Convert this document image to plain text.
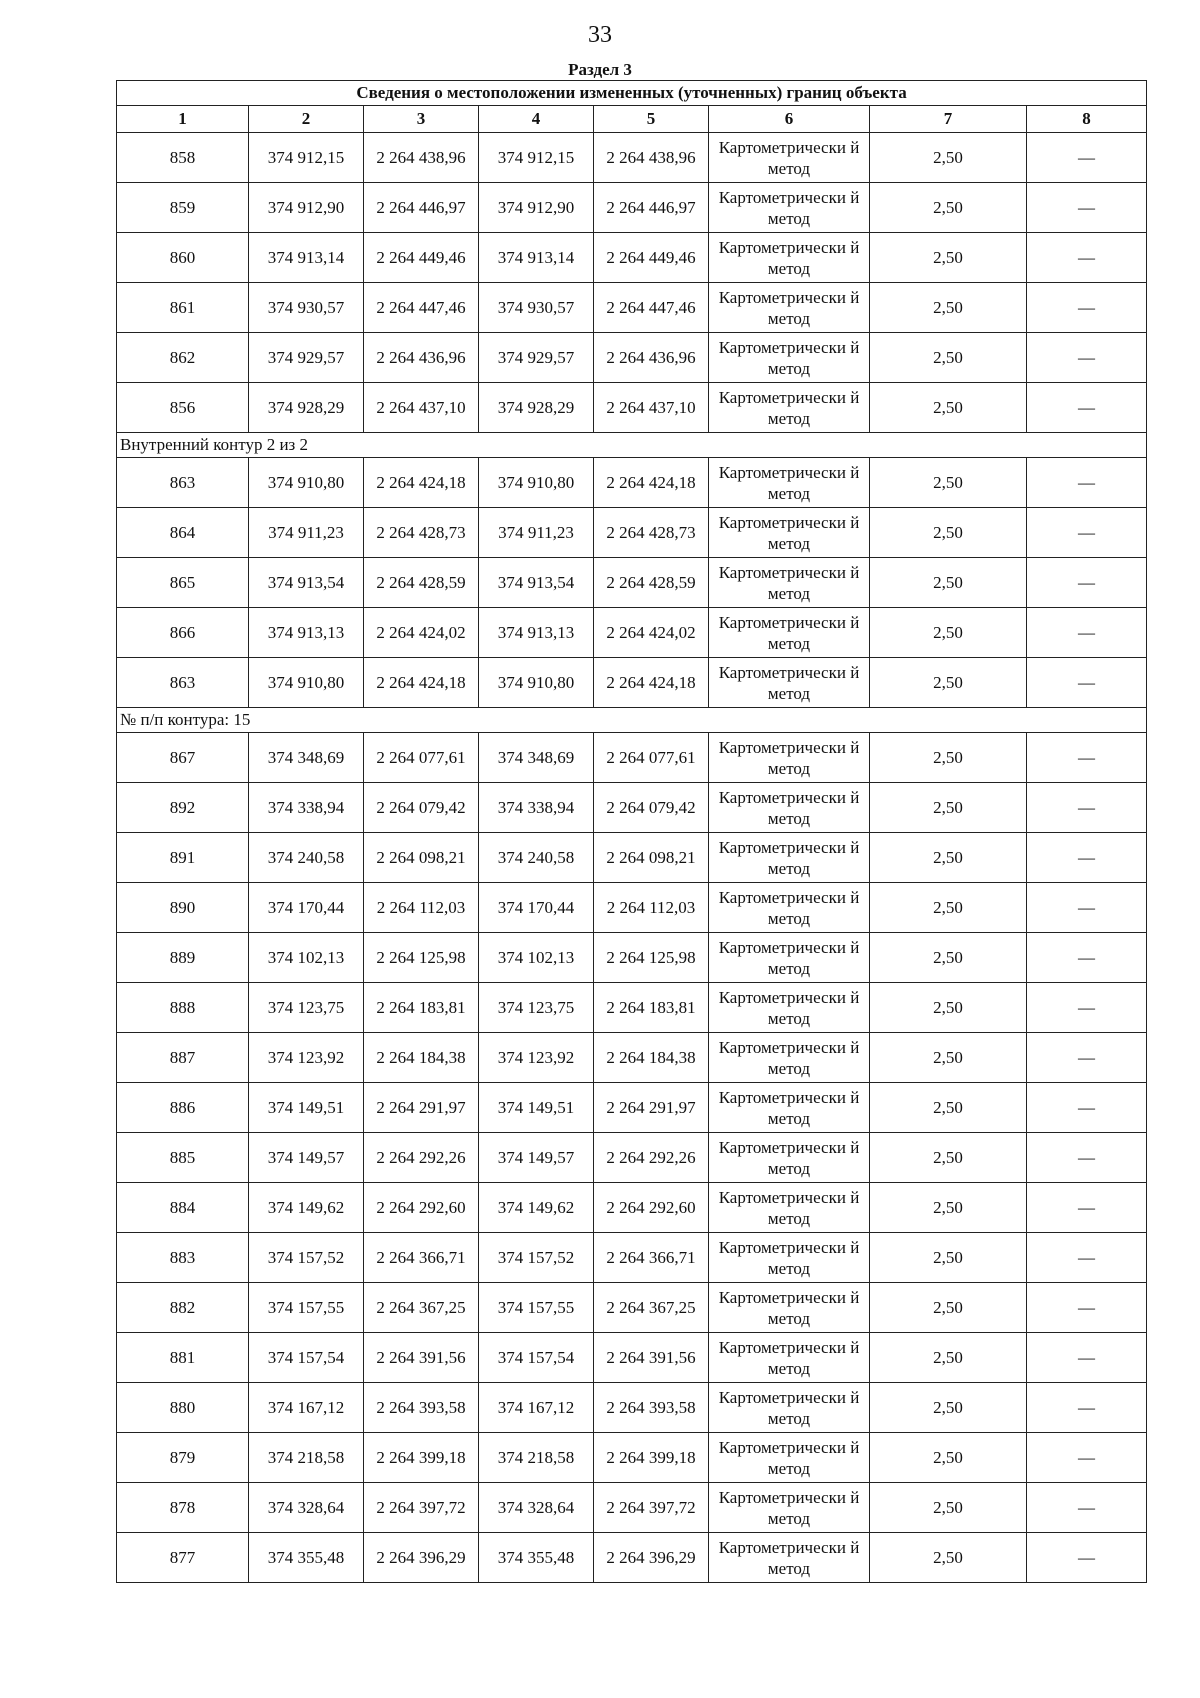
33
Раздел 3
Сведения о местоположении измененных (уточненных) границ объекта							
1	2	3	4	5	6	7	8
858	374 912,15	2 264 438,96	374 912,15	2 264 438,96	Картометрически й метод	2,50	—
859	374 912,90	2 264 446,97	374 912,90	2 264 446,97	Картометрически й метод	2,50	—
860	374 913,14	2 264 449,46	374 913,14	2 264 449,46	Картометрически й метод	2,50	—
861	374 930,57	2 264 447,46	374 930,57	2 264 447,46	Картометрически й метод	2,50	—
862	374 929,57	2 264 436,96	374 929,57	2 264 436,96	Картометрически й метод	2,50	—
856	374 928,29	2 264 437,10	374 928,29	2 264 437,10	Картометрически й метод	2,50	—
Внутренний контур 2 из 2							
863	374 910,80	2 264 424,18	374 910,80	2 264 424,18	Картометрически й метод	2,50	—
864	374 911,23	2 264 428,73	374 911,23	2 264 428,73	Картометрически й метод	2,50	—
865	374 913,54	2 264 428,59	374 913,54	2 264 428,59	Картометрически й метод	2,50	—
866	374 913,13	2 264 424,02	374 913,13	2 264 424,02	Картометрически й метод	2,50	—
863	374 910,80	2 264 424,18	374 910,80	2 264 424,18	Картометрически й метод	2,50	—
№ п/п контура: 15							
867	374 348,69	2 264 077,61	374 348,69	2 264 077,61	Картометрически й метод	2,50	—
892	374 338,94	2 264 079,42	374 338,94	2 264 079,42	Картометрически й метод	2,50	—
891	374 240,58	2 264 098,21	374 240,58	2 264 098,21	Картометрически й метод	2,50	—
890	374 170,44	2 264 112,03	374 170,44	2 264 112,03	Картометрически й метод	2,50	—
889	374 102,13	2 264 125,98	374 102,13	2 264 125,98	Картометрически й метод	2,50	—
888	374 123,75	2 264 183,81	374 123,75	2 264 183,81	Картометрически й метод	2,50	—
887	374 123,92	2 264 184,38	374 123,92	2 264 184,38	Картометрически й метод	2,50	—
886	374 149,51	2 264 291,97	374 149,51	2 264 291,97	Картометрически й метод	2,50	—
885	374 149,57	2 264 292,26	374 149,57	2 264 292,26	Картометрически й метод	2,50	—
884	374 149,62	2 264 292,60	374 149,62	2 264 292,60	Картометрически й метод	2,50	—
883	374 157,52	2 264 366,71	374 157,52	2 264 366,71	Картометрически й метод	2,50	—
882	374 157,55	2 264 367,25	374 157,55	2 264 367,25	Картометрически й метод	2,50	—
881	374 157,54	2 264 391,56	374 157,54	2 264 391,56	Картометрически й метод	2,50	—
880	374 167,12	2 264 393,58	374 167,12	2 264 393,58	Картометрически й метод	2,50	—
879	374 218,58	2 264 399,18	374 218,58	2 264 399,18	Картометрически й метод	2,50	—
878	374 328,64	2 264 397,72	374 328,64	2 264 397,72	Картометрически й метод	2,50	—
877	374 355,48	2 264 396,29	374 355,48	2 264 396,29	Картометрически й метод	2,50	—
